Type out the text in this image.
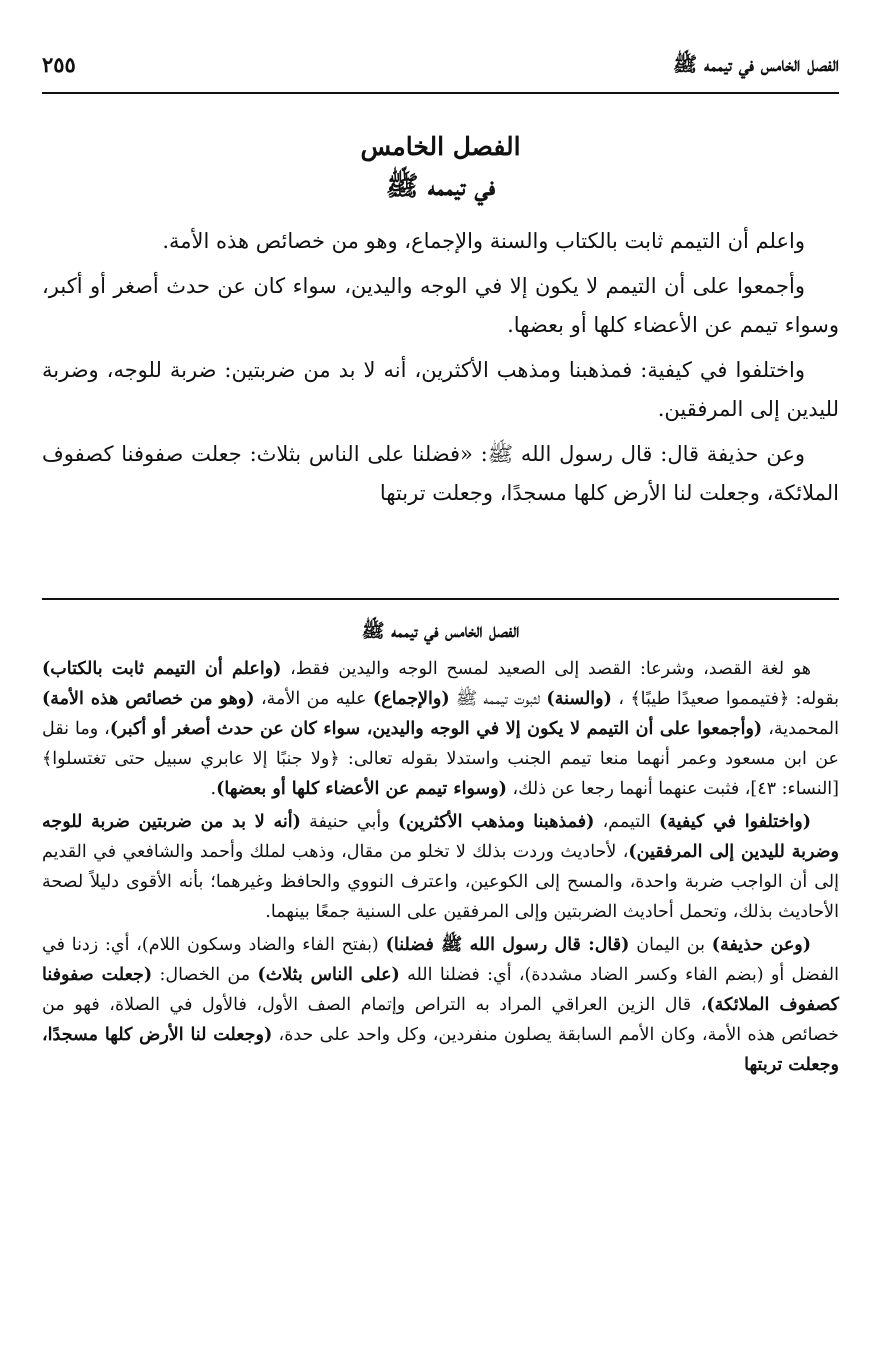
الفصل الخامس في تيممه ﷺ
٢٥٥
الفصل الخامس
في تيممه ﷺ

واعلم أن التيمم ثابت بالكتاب والسنة والإجماع، وهو من خصائص هذه الأمة.

وأجمعوا على أن التيمم لا يكون إلا في الوجه واليدين، سواء كان عن حدث أصغر أو أكبر، وسواء تيمم عن الأعضاء كلها أو بعضها.

واختلفوا في كيفية: فمذهبنا ومذهب الأكثرين، أنه لا بد من ضربتين: ضربة للوجه، وضربة لليدين إلى المرفقين.

وعن حذيفة قال: قال رسول الله ﷺ: «فضلنا على الناس بثلاث: جعلت صفوفنا كصفوف الملائكة، وجعلت لنا الأرض كلها مسجدًا، وجعلت تربتها

الفصل الخامس في تيممه ﷺ

هو لغة القصد، وشرعا: القصد إلى الصعيد لمسح الوجه واليدين فقط، (واعلم أن التيمم ثابت بالكتاب) بقوله: ﴿فتيمموا صعيدًا طيبًا﴾ ، (والسنة) لثبوت تيممه ﷺ (والإجماع) عليه من الأمة، (وهو من خصائص هذه الأمة) المحمدية، (وأجمعوا على أن التيمم لا يكون إلا في الوجه واليدين، سواء كان عن حدث أصغر أو أكبر)، وما نقل عن ابن مسعود وعمر أنهما منعا تيمم الجنب واستدلا بقوله تعالى: ﴿ولا جنبًا إلا عابري سبيل حتى تغتسلوا﴾ [النساء: ٤٣]، فثبت عنهما أنهما رجعا عن ذلك، (وسواء تيمم عن الأعضاء كلها أو بعضها).

(واختلفوا في كيفية) التيمم، (فمذهبنا ومذهب الأكثرين) وأبي حنيفة (أنه لا بد من ضربتين ضربة للوجه وضربة لليدين إلى المرفقين)، لأحاديث وردت بذلك لا تخلو من مقال، وذهب لملك وأحمد والشافعي في القديم إلى أن الواجب ضربة واحدة، والمسح إلى الكوعين، واعترف النووي والحافظ وغيرهما؛ بأنه الأقوى دليلاً لصحة الأحاديث بذلك، وتحمل أحاديث الضربتين وإلى المرفقين على السنية جمعًا بينهما.

(وعن حذيفة) بن اليمان (قال: قال رسول الله ﷺ فضلنا) (بفتح الفاء والضاد وسكون اللام)، أي: زدنا في الفضل أو (بضم الفاء وكسر الضاد مشددة)، أي: فضلنا الله (على الناس بثلاث) من الخصال: (جعلت صفوفنا كصفوف الملائكة)، قال الزين العراقي المراد به التراص وإتمام الصف الأول، فالأول في الصلاة، فهو من خصائص هذه الأمة، وكان الأمم السابقة يصلون منفردين، وكل واحد على حدة، (وجعلت لنا الأرض كلها مسجدًا، وجعلت تربتها
